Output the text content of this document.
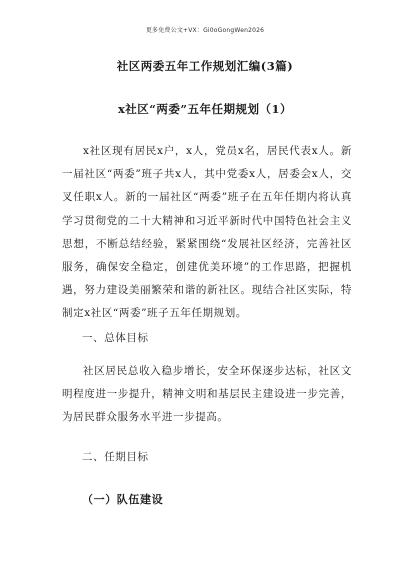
更多免费公文+VX：Gi0oGongWen2026
社区两委五年工作规划汇编(3篇)
x社区“两委”五年任期规划（1）

x社区现有居民x户，x人，党员x名，居民代表x人。新一届社区“两委”班子共x人，其中党委x人，居委会x人，交叉任职x人。新的一届社区“两委”班子在五年任期内将认真学习贯彻党的二十大精神和习近平新时代中国特色社会主义思想，不断总结经验，紧紧围绕“发展社区经济，完善社区服务，确保安全稳定，创建优美环境”的工作思路，把握机遇，努力建设美丽繁荣和谐的新社区。现结合社区实际，特制定x社区“两委”班子五年任期规划。

一、总体目标

社区居民总收入稳步增长，安全环保逐步达标，社区文明程度进一步提升，精神文明和基层民主建设进一步完善，为居民群众服务水平进一步提高。

二、任期目标
（一）队伍建设
